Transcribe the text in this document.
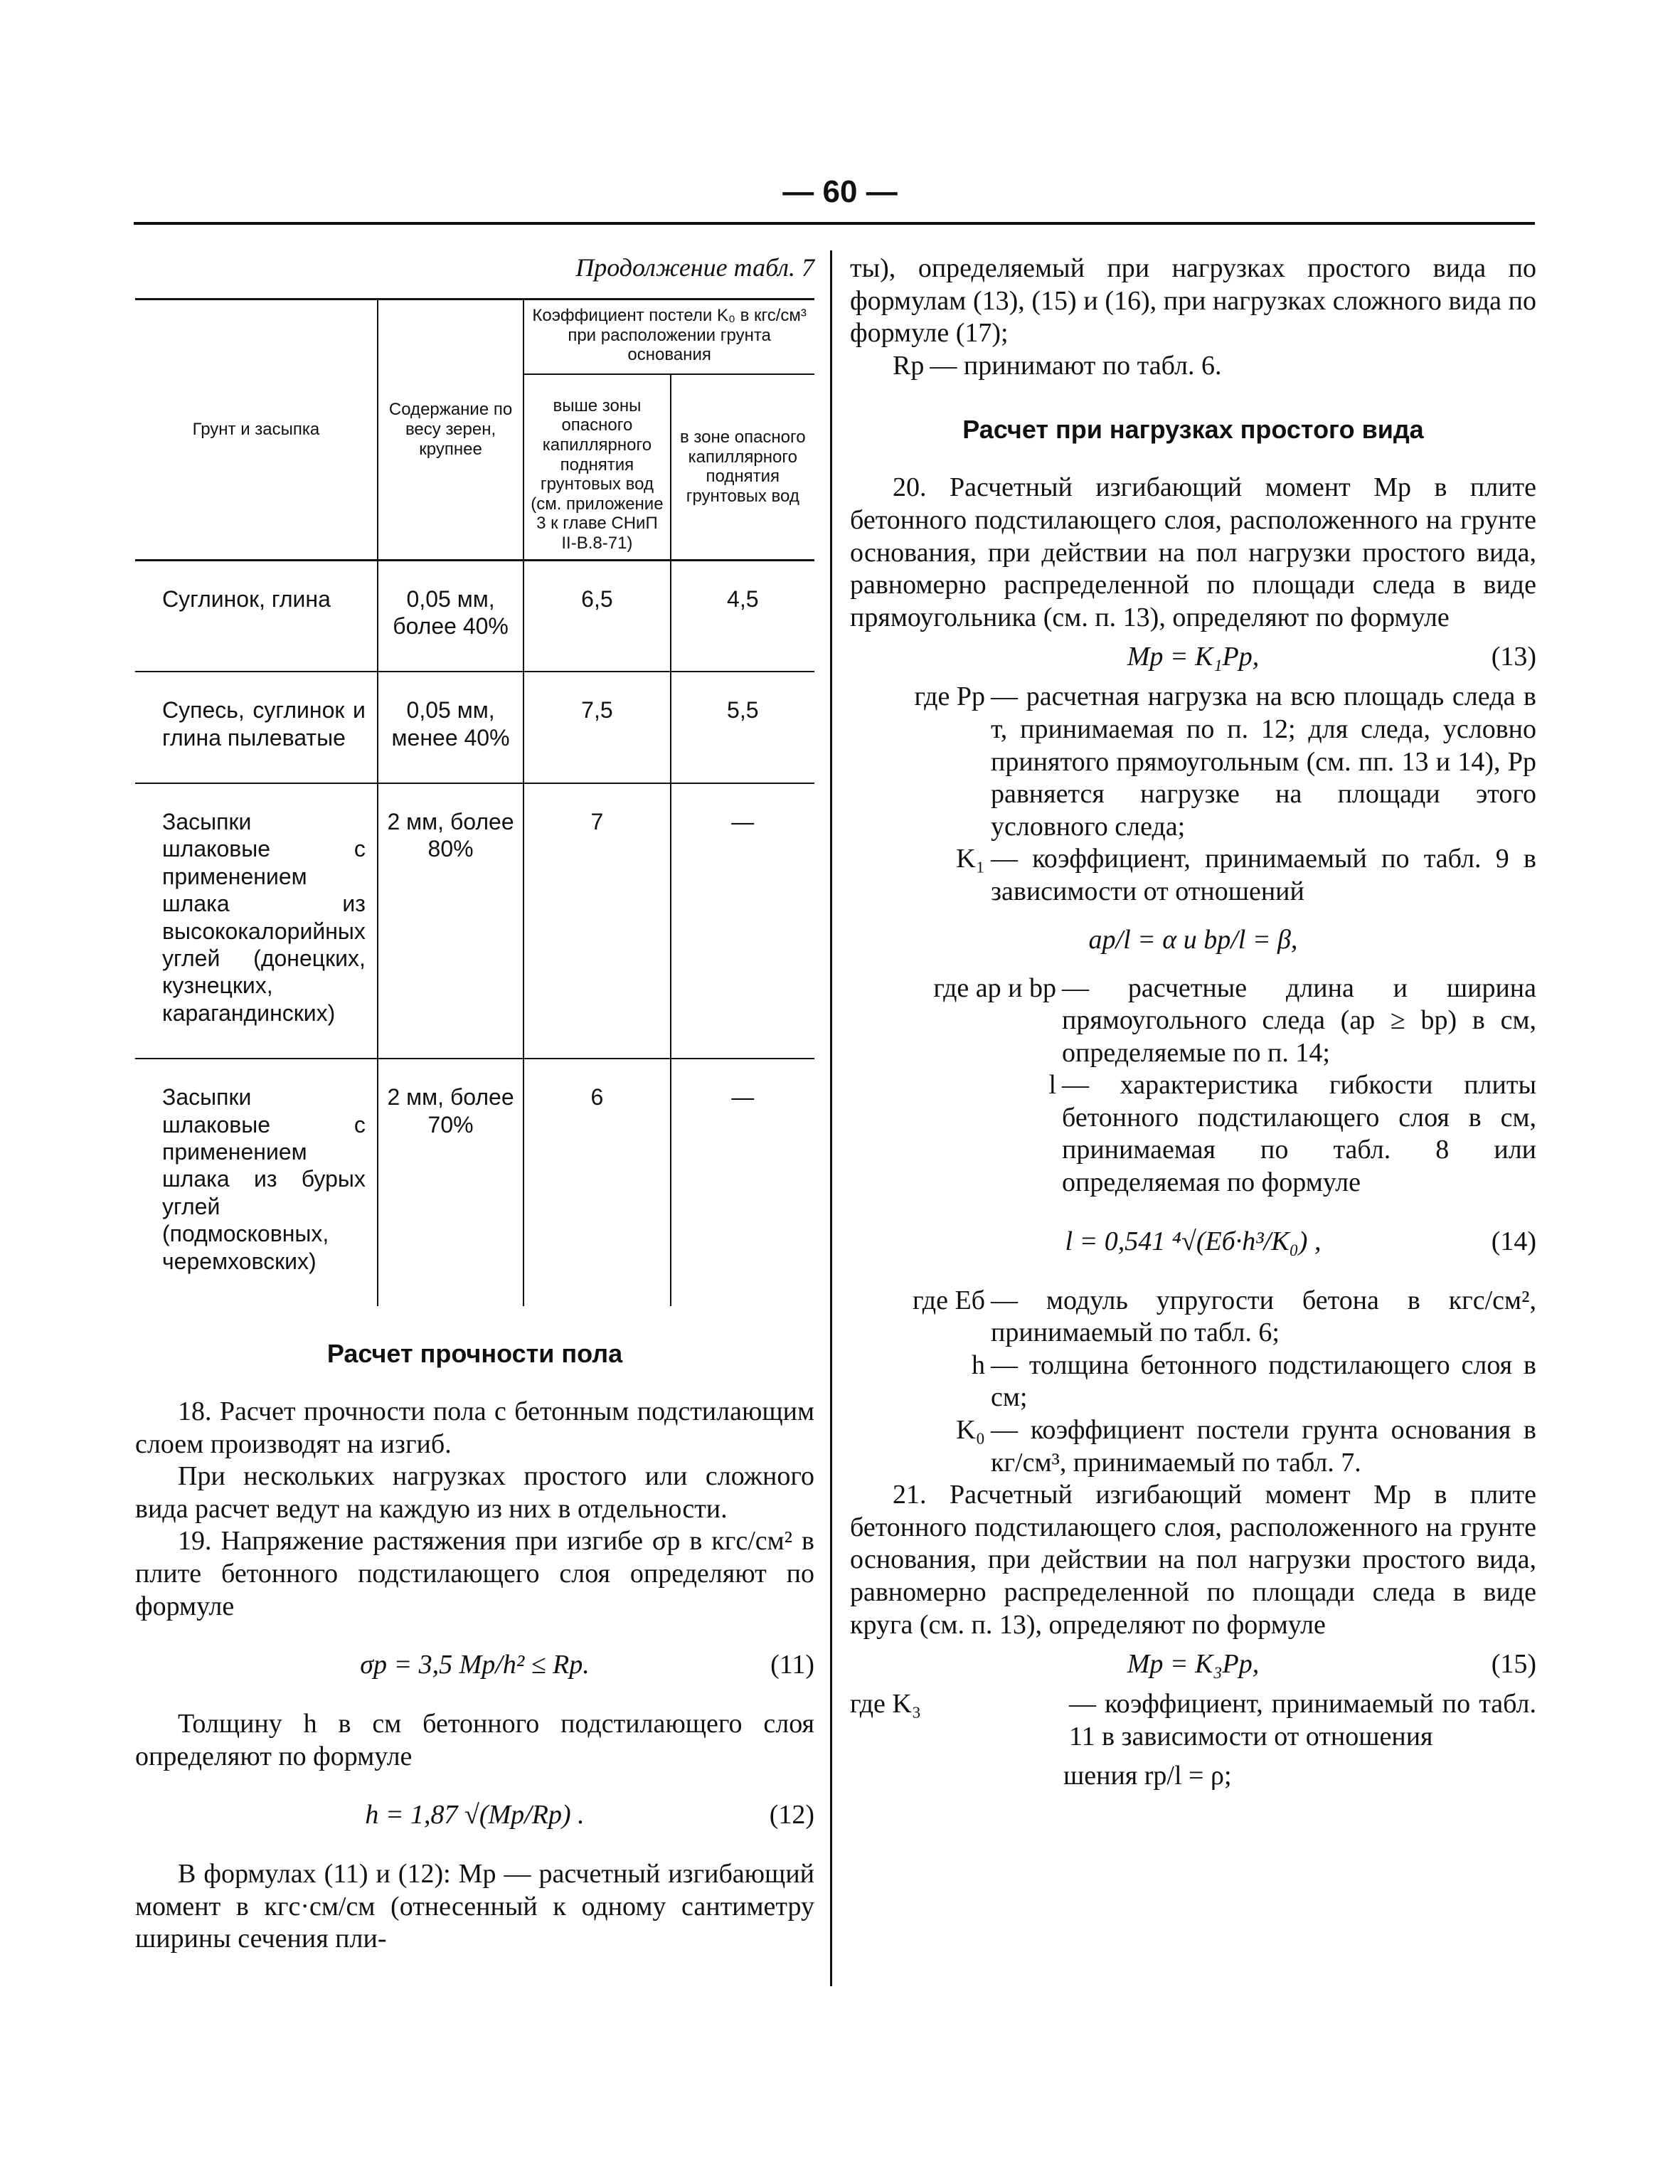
— 60 —
Продолжение табл. 7
Грунт и засыпка	Содержание по весу зерен, крупнее	Коэффициент постели K₀ в кгс/см³ при расположении грунта основания	
		выше зоны опасного капиллярного поднятия грунтовых вод (см. приложение 3 к главе СНиП II-В.8-71)	в зоне опасного капиллярного поднятия грунтовых вод
Суглинок, глина	0,05 мм, более 40%	6,5	4,5
Супесь, суглинок и глина пылеватые	0,05 мм, менее 40%	7,5	5,5
Засыпки шлаковые с применением шлака из высококалорийных углей (донецких, кузнецких, карагандинских)	2 мм, более 80%	7	—
Засыпки шлаковые с применением шлака из бурых углей (подмосковных, черемховских)	2 мм, более 70%	6	—
Расчет прочности пола

18. Расчет прочности пола с бетонным подстилающим слоем производят на изгиб.

При нескольких нагрузках простого или сложного вида расчет ведут на каждую из них в отдельности.

19. Напряжение растяжения при изгибе σр в кгс/см² в плите бетонного подстилающего слоя определяют по формуле

σр = 3,5 Mр/h² ≤ Rр.	(11)

Толщину h в см бетонного подстилающего слоя определяют по формуле

h = 1,87 √(Mр/Rр) .	(12)

В формулах (11) и (12): Mр — расчетный изгибающий момент в кгс·см/см (отнесенный к одному сантиметру ширины сечения пли-

ты), определяемый при нагрузках простого вида по формулам (13), (15) и (16), при нагрузках сложного вида по формуле (17);

Rр — принимают по табл. 6.
Расчет при нагрузках простого вида

20. Расчетный изгибающий момент Mр в плите бетонного подстилающего слоя, расположенного на грунте основания, при действии на пол нагрузки простого вида, равномерно распределенной по площади следа в виде прямоугольника (см. п. 13), определяют по формуле

Mр = K₁Pр,	(13)
где Pр — расчетная нагрузка на всю площадь следа в т, принимаемая по п. 12; для следа, условно принятого прямоугольным (см. пп. 13 и 14), Pр равняется нагрузке на площади этого условного следа;
K₁ — коэффициент, принимаемый по табл. 9 в зависимости от отношений
aр/l = α и bр/l = β,
где aр и bр — расчетные длина и ширина прямоугольного следа (aр ≥ bр) в см, определяемые по п. 14;
l — характеристика гибкости плиты бетонного подстилающего слоя в см, принимаемая по табл. 8 или определяемая по формуле
l = 0,541 ⁴√(Eб·h³/K₀) ,	(14)
где Eб — модуль упругости бетона в кгс/см², принимаемый по табл. 6;
h — толщина бетонного подстилающего слоя в см;
K₀ — коэффициент постели грунта основания в кг/см³, принимаемый по табл. 7.

21. Расчетный изгибающий момент Mр в плите бетонного подстилающего слоя, расположенного на грунте основания, при действии на пол нагрузки простого вида, равномерно распределенной по площади следа в виде круга (см. п. 13), определяют по формуле

Mр = K₃Pр,	(15)
где K₃	— коэффициент, принимаемый по табл. 11 в зависимости от отношения
шения rр/l = ρ;
